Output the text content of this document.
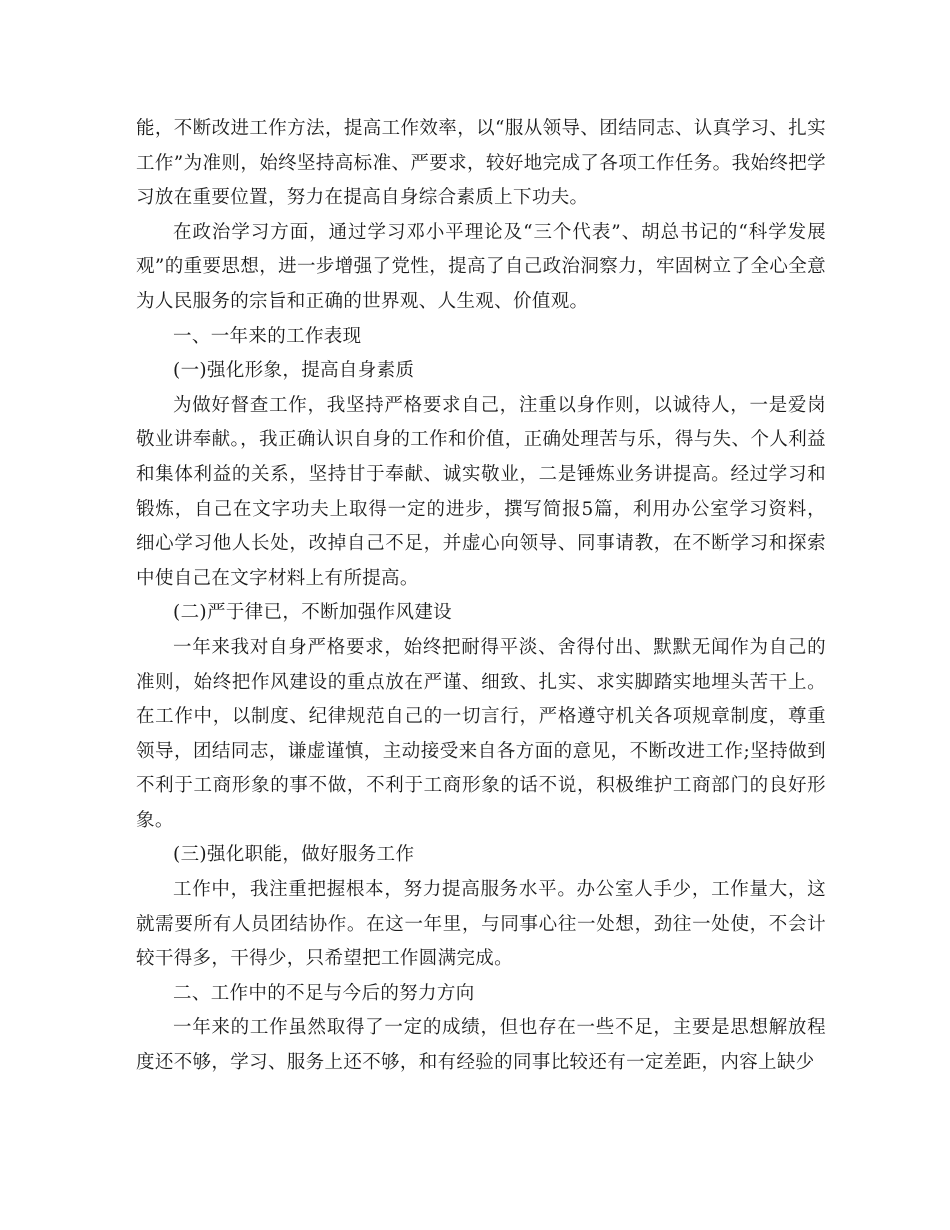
能，不断改进工作方法，提高工作效率，以“服从领导、团结同志、认真学习、扎实工作”为准则，始终坚持高标准、严要求，较好地完成了各项工作任务。我始终把学习放在重要位置，努力在提高自身综合素质上下功夫。

在政治学习方面，通过学习邓小平理论及“三个代表”、胡总书记的“科学发展观”的重要思想，进一步增强了党性，提高了自己政治洞察力，牢固树立了全心全意为人民服务的宗旨和正确的世界观、人生观、价值观。

一、一年来的工作表现

(一)强化形象，提高自身素质

为做好督查工作，我坚持严格要求自己，注重以身作则，以诚待人，一是爱岗敬业讲奉献。，我正确认识自身的工作和价值，正确处理苦与乐，得与失、个人利益和集体利益的关系，坚持甘于奉献、诚实敬业，二是锤炼业务讲提高。经过学习和锻炼，自己在文字功夫上取得一定的进步，撰写简报5篇，利用办公室学习资料，细心学习他人长处，改掉自己不足，并虚心向领导、同事请教，在不断学习和探索中使自己在文字材料上有所提高。

(二)严于律已，不断加强作风建设

一年来我对自身严格要求，始终把耐得平淡、舍得付出、默默无闻作为自己的准则，始终把作风建设的重点放在严谨、细致、扎实、求实脚踏实地埋头苦干上。在工作中，以制度、纪律规范自己的一切言行，严格遵守机关各项规章制度，尊重领导，团结同志，谦虚谨慎，主动接受来自各方面的意见，不断改进工作;坚持做到不利于工商形象的事不做，不利于工商形象的话不说，积极维护工商部门的良好形象。

(三)强化职能，做好服务工作

工作中，我注重把握根本，努力提高服务水平。办公室人手少，工作量大，这就需要所有人员团结协作。在这一年里，与同事心往一处想，劲往一处使，不会计较干得多，干得少，只希望把工作圆满完成。

二、工作中的不足与今后的努力方向

一年来的工作虽然取得了一定的成绩，但也存在一些不足，主要是思想解放程度还不够，学习、服务上还不够，和有经验的同事比较还有一定差距，内容上缺少
